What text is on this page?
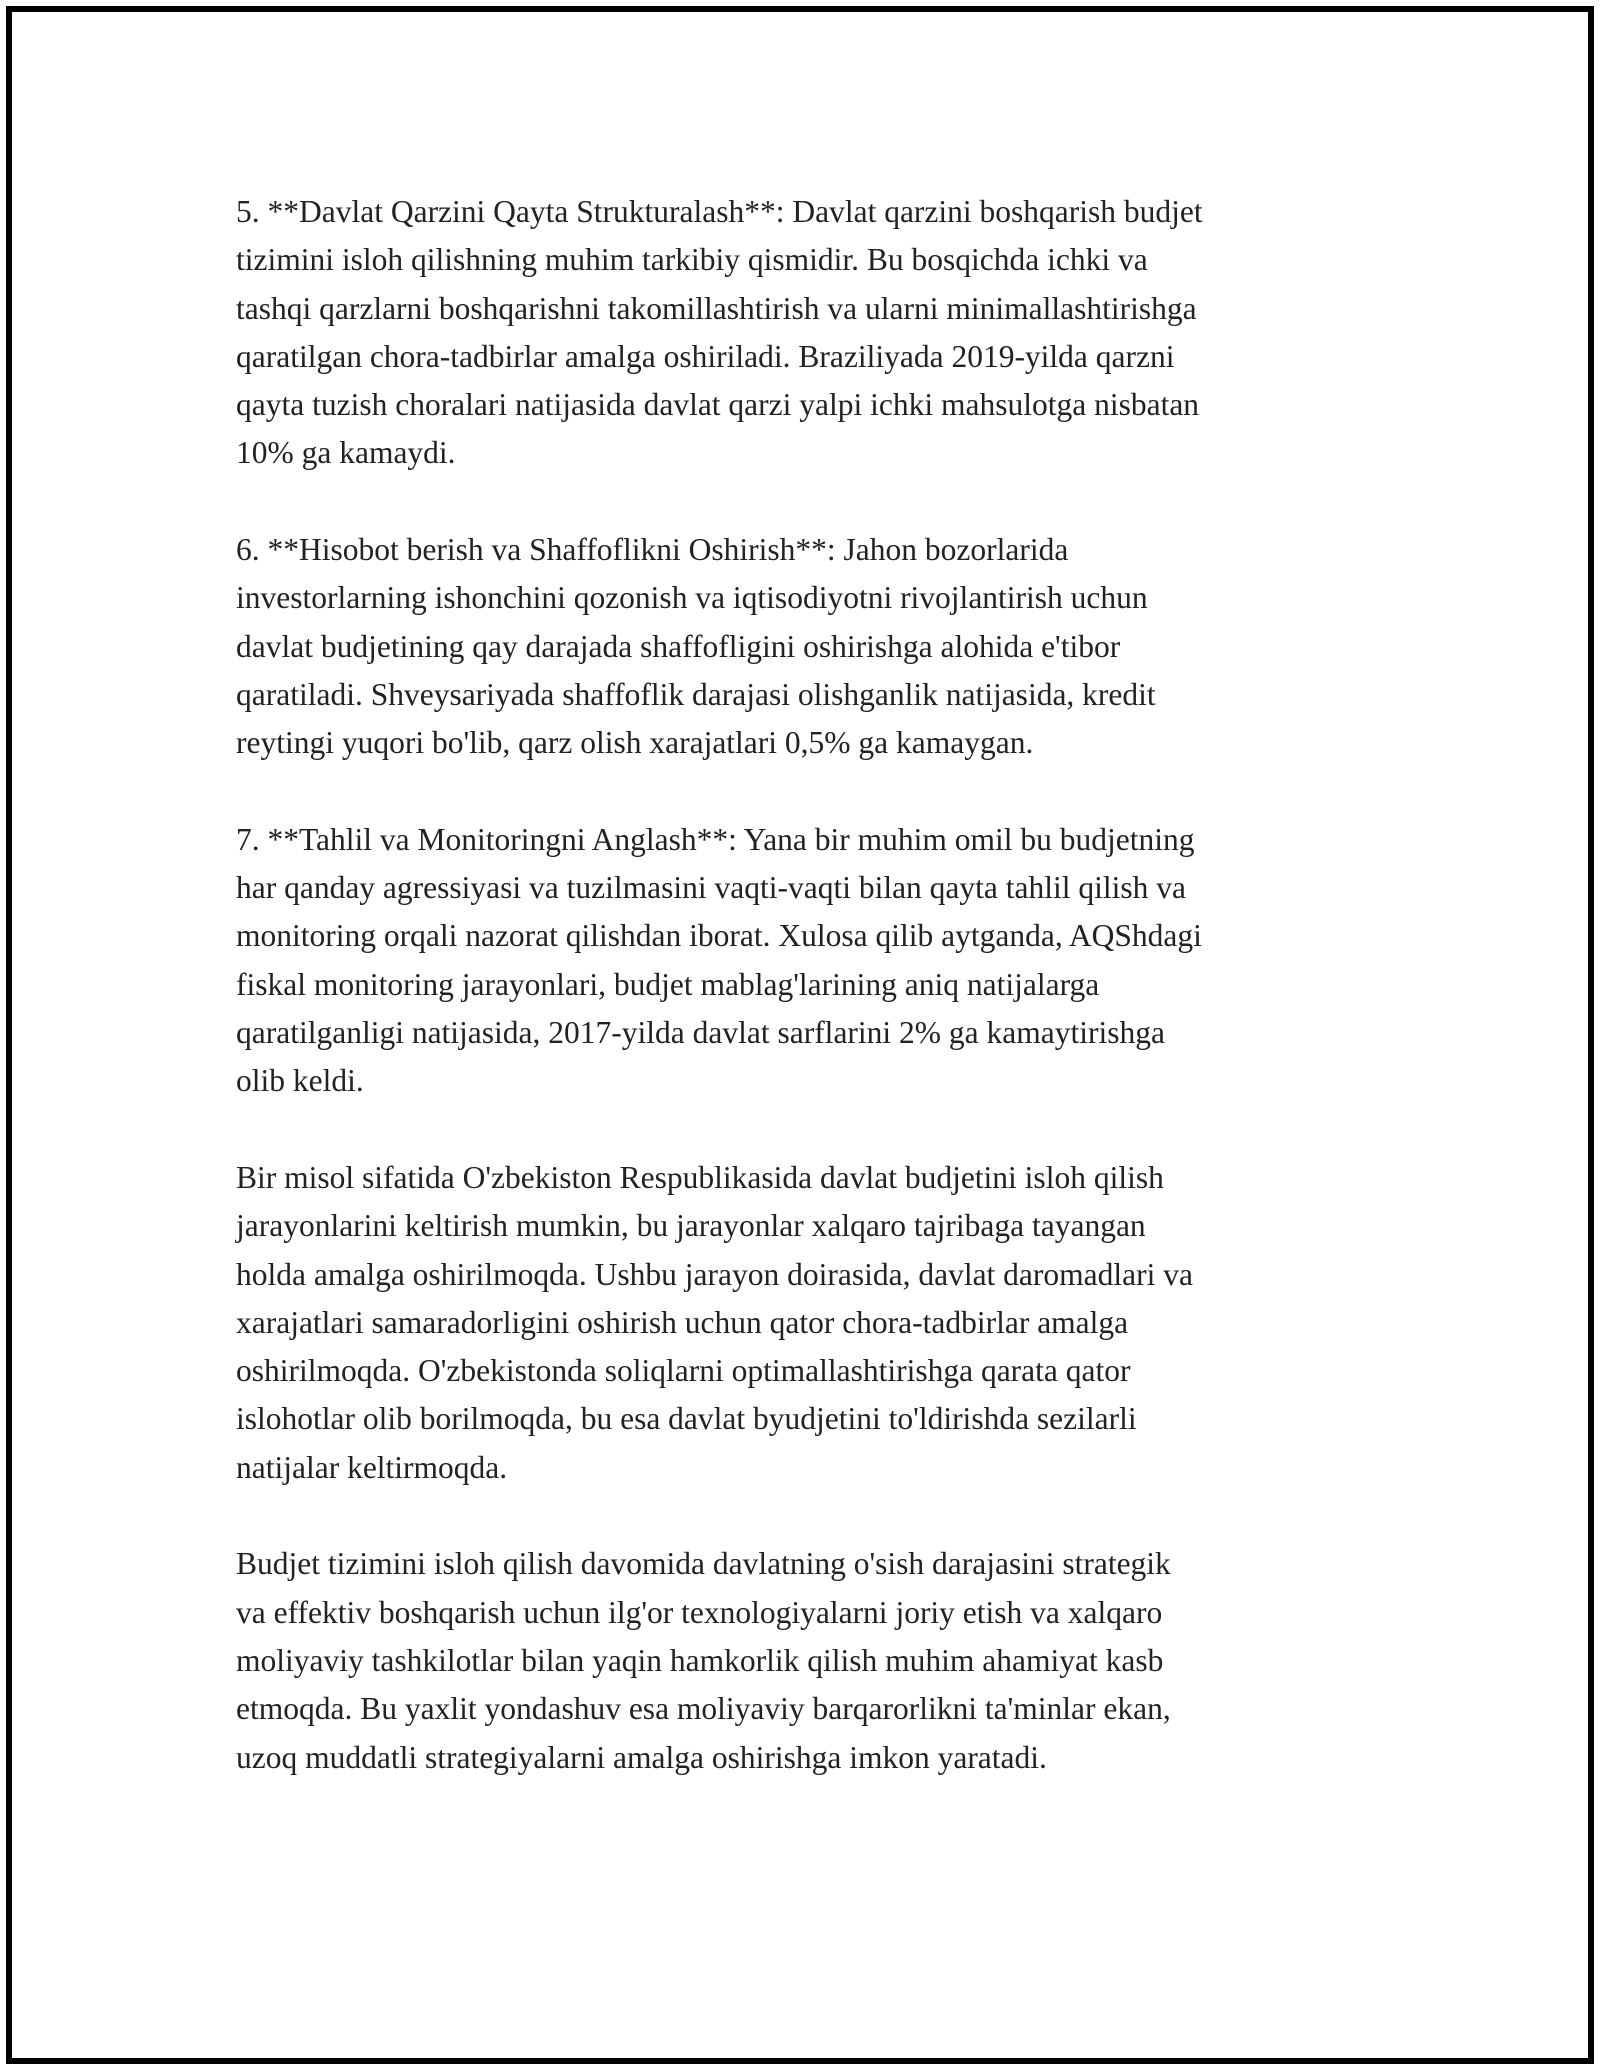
5. **Davlat Qarzini Qayta Strukturalash**: Davlat qarzini boshqarish budjet
tizimini isloh qilishning muhim tarkibiy qismidir. Bu bosqichda ichki va
tashqi qarzlarni boshqarishni takomillashtirish va ularni minimallashtirishga
qaratilgan chora-tadbirlar amalga oshiriladi. Braziliyada 2019-yilda qarzni
qayta tuzish choralari natijasida davlat qarzi yalpi ichki mahsulotga nisbatan
10% ga kamaydi.

6. **Hisobot berish va Shaffoflikni Oshirish**: Jahon bozorlarida
investorlarning ishonchini qozonish va iqtisodiyotni rivojlantirish uchun
davlat budjetining qay darajada shaffofligini oshirishga alohida e'tibor
qaratiladi. Shveysariyada shaffoflik darajasi olishganlik natijasida, kredit
reytingi yuqori bo'lib, qarz olish xarajatlari 0,5% ga kamaygan.

7. **Tahlil va Monitoringni Anglash**: Yana bir muhim omil bu budjetning
har qanday agressiyasi va tuzilmasini vaqti-vaqti bilan qayta tahlil qilish va
monitoring orqali nazorat qilishdan iborat. Xulosa qilib aytganda, AQShdagi
fiskal monitoring jarayonlari, budjet mablag'larining aniq natijalarga
qaratilganligi natijasida, 2017-yilda davlat sarflarini 2% ga kamaytirishga
olib keldi.

Bir misol sifatida O'zbekiston Respublikasida davlat budjetini isloh qilish
jarayonlarini keltirish mumkin, bu jarayonlar xalqaro tajribaga tayangan
holda amalga oshirilmoqda. Ushbu jarayon doirasida, davlat daromadlari va
xarajatlari samaradorligini oshirish uchun qator chora-tadbirlar amalga
oshirilmoqda. O'zbekistonda soliqlarni optimallashtirishga qarata qator
islohotlar olib borilmoqda, bu esa davlat byudjetini to'ldirishda sezilarli
natijalar keltirmoqda.

Budjet tizimini isloh qilish davomida davlatning o'sish darajasini strategik
va effektiv boshqarish uchun ilg'or texnologiyalarni joriy etish va xalqaro
moliyaviy tashkilotlar bilan yaqin hamkorlik qilish muhim ahamiyat kasb
etmoqda. Bu yaxlit yondashuv esa moliyaviy barqarorlikni ta'minlar ekan,
uzoq muddatli strategiyalarni amalga oshirishga imkon yaratadi.
